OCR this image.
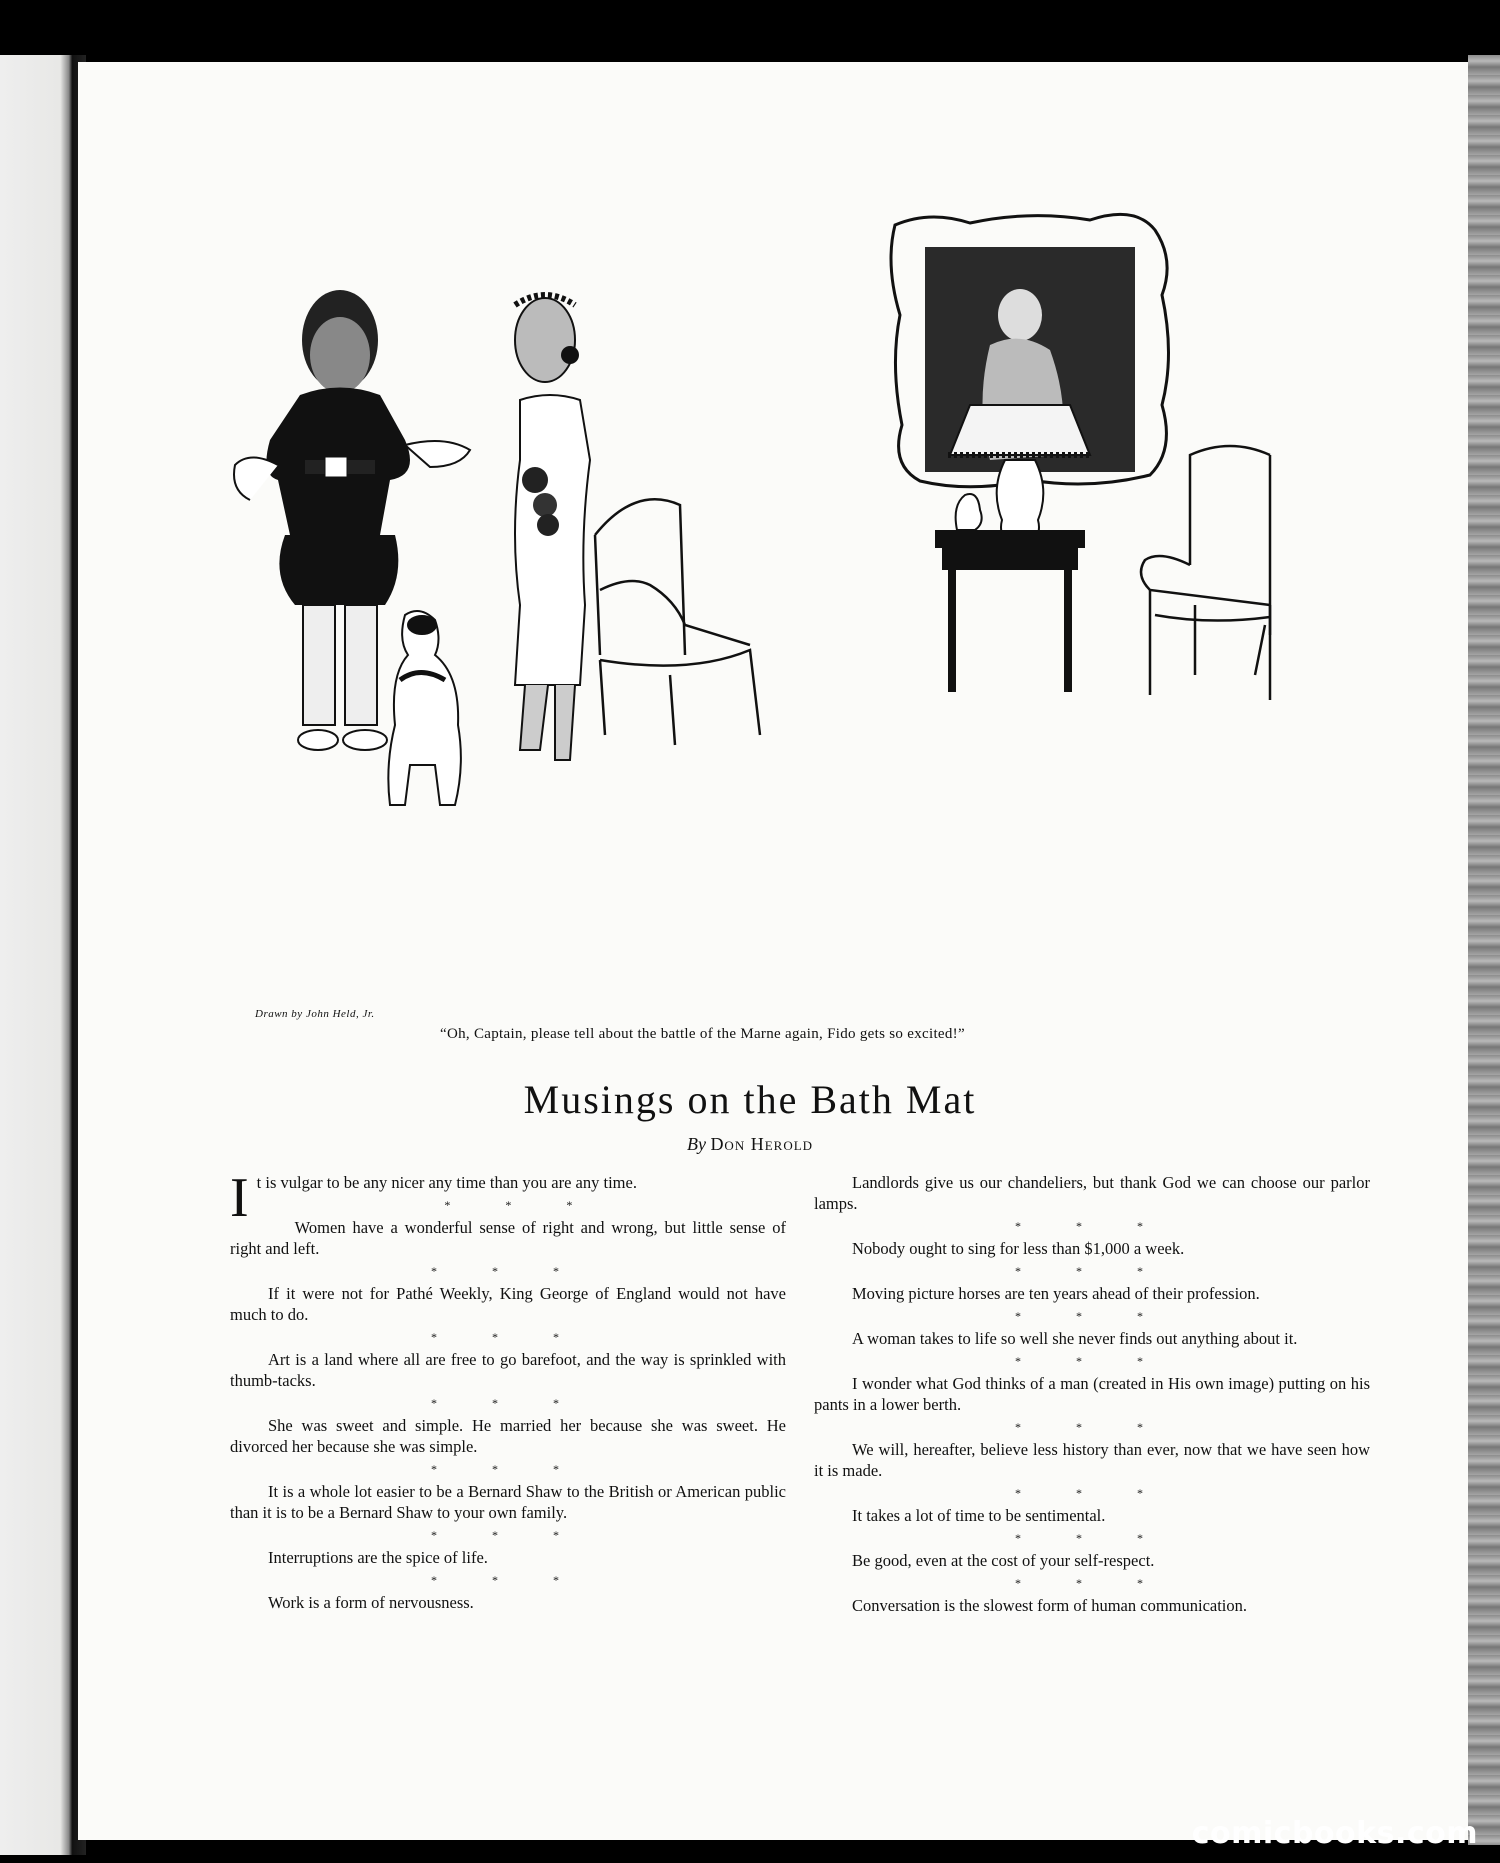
Drawn by John Held, Jr.
“Oh, Captain, please tell about the battle of the Marne again, Fido gets so excited!”
Musings on the Bath Mat
By Don Herold

It is vulgar to be any nicer any time than you are any time.

* * *

Women have a wonderful sense of right and wrong, but little sense of right and left.

* * *

If it were not for Pathé Weekly, King George of England would not have much to do.

* * *

Art is a land where all are free to go barefoot, and the way is sprinkled with thumb-tacks.

* * *

She was sweet and simple. He married her because she was sweet. He divorced her because she was simple.

* * *

It is a whole lot easier to be a Bernard Shaw to the British or American public than it is to be a Bernard Shaw to your own family.

* * *

Interruptions are the spice of life.

* * *

Work is a form of nervousness.

Landlords give us our chandeliers, but thank God we can choose our parlor lamps.

* * *

Nobody ought to sing for less than $1,000 a week.

* * *

Moving picture horses are ten years ahead of their profession.

* * *

A woman takes to life so well she never finds out anything about it.

* * *

I wonder what God thinks of a man (created in His own image) putting on his pants in a lower berth.

* * *

We will, hereafter, believe less history than ever, now that we have seen how it is made.

* * *

It takes a lot of time to be sentimental.

* * *

Be good, even at the cost of your self-respect.

* * *

Conversation is the slowest form of human communication.

comicbooks.com
